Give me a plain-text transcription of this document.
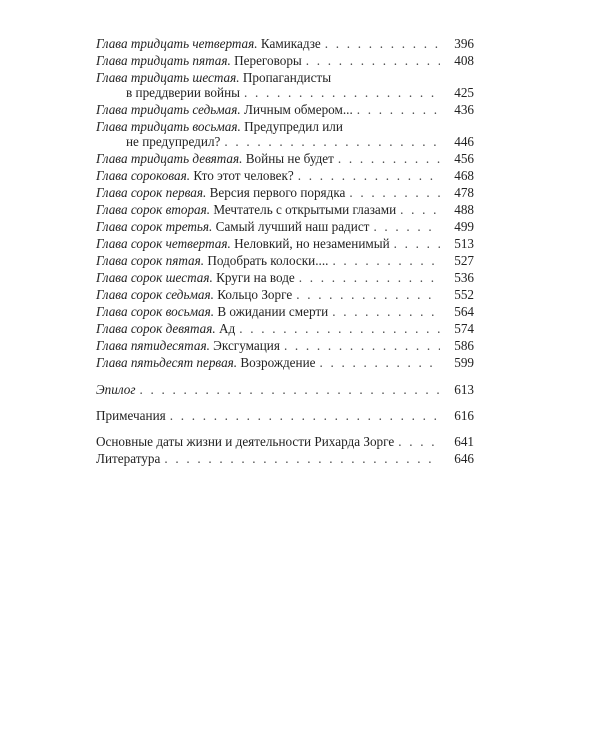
Глава тридцать четвертая. Камикадзе . . .	396
Глава тридцать пятая. Переговоры . . .	408
Глава тридцать шестая. Пропагандисты
в преддверии войны . . .	425
Глава тридцать седьмая. Личным обмером... . . .	436
Глава тридцать восьмая. Предупредил или
не предупредил? . . .	446
Глава тридцать девятая. Войны не будет . . .	456
Глава сороковая. Кто этот человек? . . .	468
Глава сорок первая. Версия первого порядка . . .	478
Глава сорок вторая. Мечтатель с открытыми глазами . . .	488
Глава сорок третья. Самый лучший наш радист . . .	499
Глава сорок четвертая. Неловкий, но незаменимый . . .	513
Глава сорок пятая. Подобрать колоски.... . . .	527
Глава сорок шестая. Круги на воде . . .	536
Глава сорок седьмая. Кольцо Зорге . . .	552
Глава сорок восьмая. В ожидании смерти . . .	564
Глава сорок девятая. Ад . . .	574
Глава пятидесятая. Эксгумация . . .	586
Глава пятьдесят первая. Возрождение . . .	599
Эпилог . . .	613
Примечания . . .	616
Основные даты жизни и деятельности Рихарда Зорге . . .	641
Литература . . .	646
